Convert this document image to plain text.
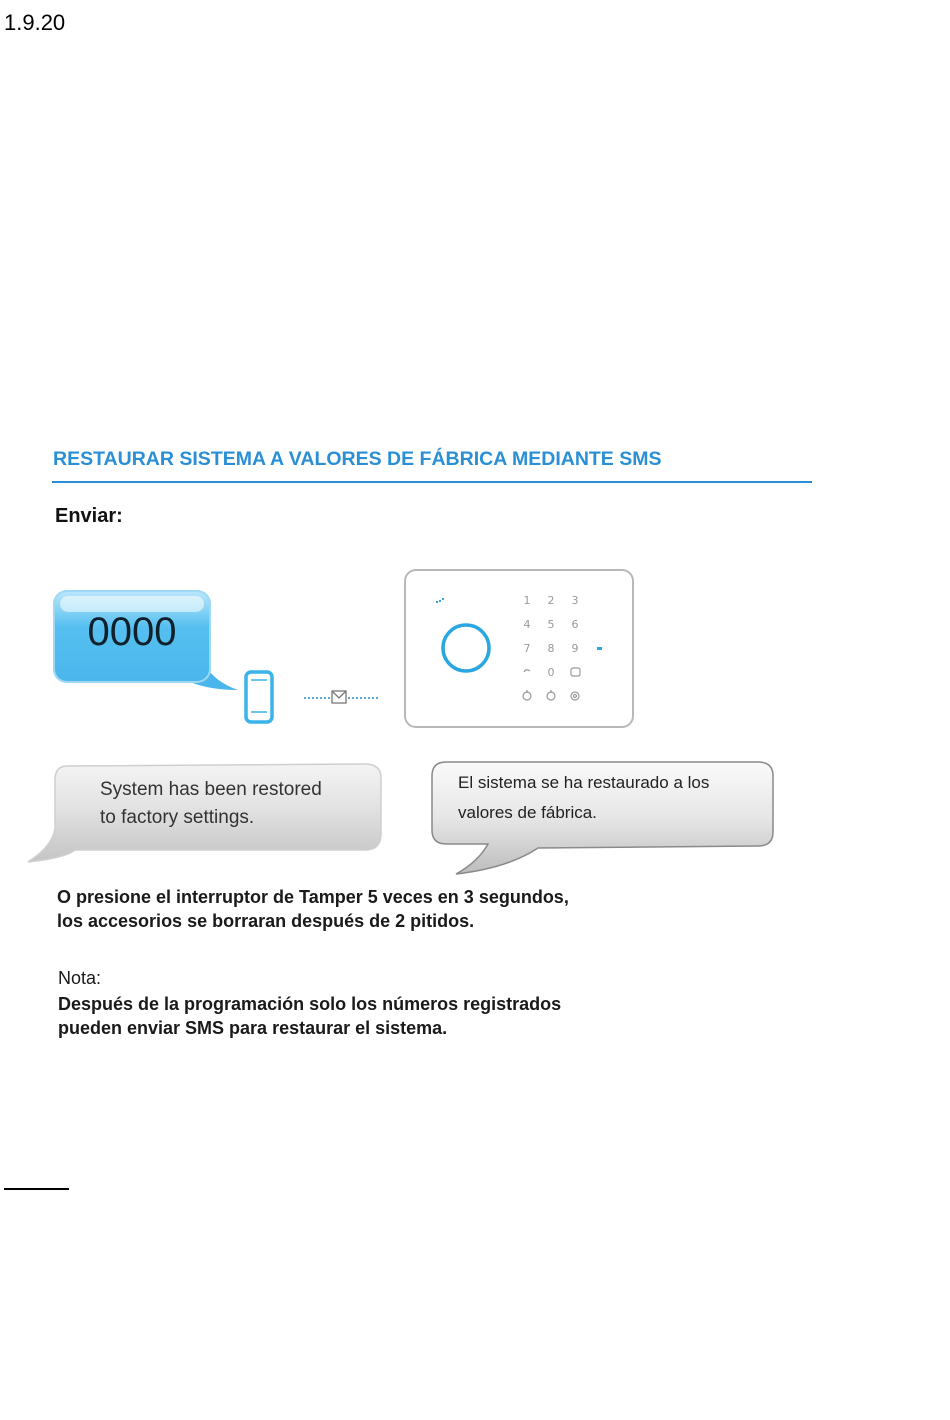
1.9.20
RESTAURAR SISTEMA A VALORES DE FÁBRICA MEDIANTE SMS
Enviar:
0000
1 2 3
4 5 6
7 8 9
0
System has been restored
to factory settings.
El sistema se ha restaurado a los
valores de fábrica.
O presione el interruptor de Tamper 5 veces en 3 segundos,
los accesorios se borraran después de 2 pitidos.
Nota:
Después de la programación solo los números registrados
pueden enviar SMS para restaurar el sistema.
